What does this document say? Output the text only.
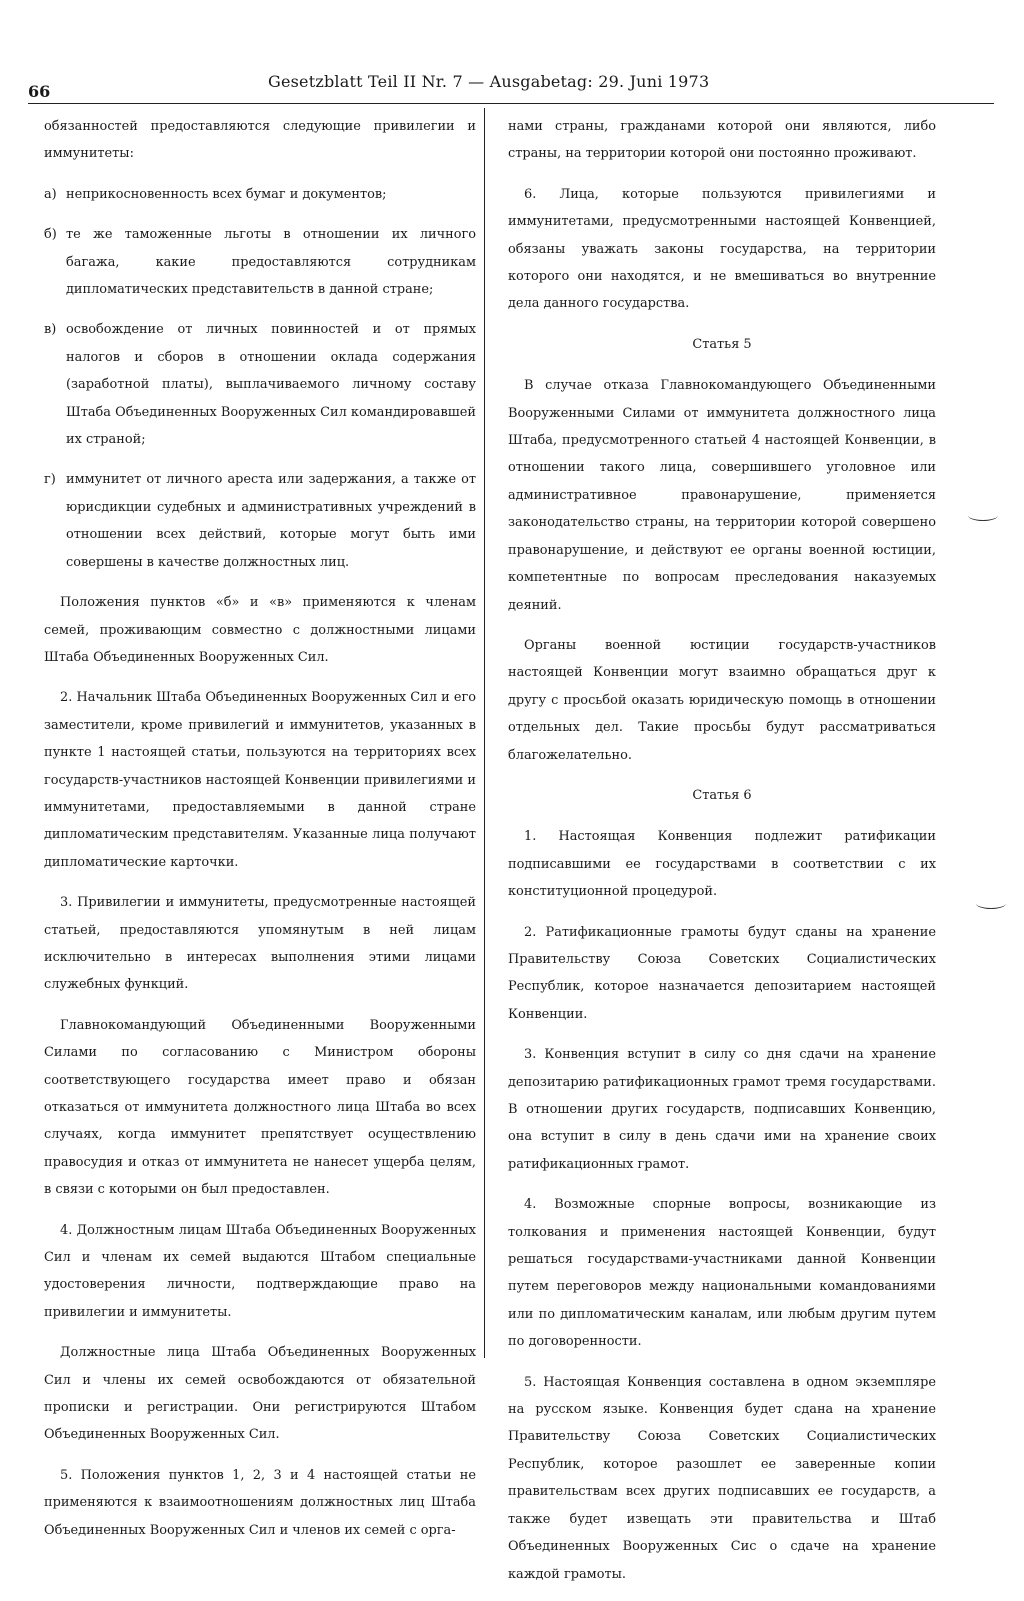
66
Gesetzblatt Teil II Nr. 7 — Ausgabetag: 29. Juni 1973

обязанностей предоставляются следующие привилегии и иммунитеты:

а) неприкосновенность всех бумаг и документов;
б) те же таможенные льготы в отношении их личного багажа, какие предоставляются сотрудникам дипломатических представительств в данной стране;
в) освобождение от личных повинностей и от прямых налогов и сборов в отношении оклада содержания (заработной платы), выплачиваемого личному составу Штаба Объединенных Вооруженных Сил командировавшей их страной;
г) иммунитет от личного ареста или задержания, а также от юрисдикции судебных и административных учреждений в отношении всех действий, которые могут быть ими совершены в качестве должностных лиц.

Положения пунктов «б» и «в» применяются к членам семей, проживающим совместно с должностными лицами Штаба Объединенных Вооруженных Сил.

2. Начальник Штаба Объединенных Вооруженных Сил и его заместители, кроме привилегий и иммунитетов, указанных в пункте 1 настоящей статьи, пользуются на территориях всех государств-участников настоящей Конвенции привилегиями и иммунитетами, предоставляемыми в данной стране дипломатическим представителям. Указанные лица получают дипломатические карточки.

3. Привилегии и иммунитеты, предусмотренные настоящей статьей, предоставляются упомянутым в ней лицам исключительно в интересах выполнения этими лицами служебных функций.

Главнокомандующий Объединенными Вооруженными Силами по согласованию с Министром обороны соответствующего государства имеет право и обязан отказаться от иммунитета должностного лица Штаба во всех случаях, когда иммунитет препятствует осуществлению правосудия и отказ от иммунитета не нанесет ущерба целям, в связи с которыми он был предоставлен.

4. Должностным лицам Штаба Объединенных Вооруженных Сил и членам их семей выдаются Штабом специальные удостоверения личности, подтверждающие право на привилегии и иммунитеты.

Должностные лица Штаба Объединенных Вооруженных Сил и члены их семей освобождаются от обязательной прописки и регистрации. Они регистрируются Штабом Объединенных Вооруженных Сил.

5. Положения пунктов 1, 2, 3 и 4 настоящей статьи не применяются к взаимоотношениям должностных лиц Штаба Объединенных Вооруженных Сил и членов их семей с орга-

нами страны, гражданами которой они являются, либо страны, на территории которой они постоянно проживают.

6. Лица, которые пользуются привилегиями и иммунитетами, предусмотренными настоящей Конвенцией, обязаны уважать законы государства, на территории которого они находятся, и не вмешиваться во внутренние дела данного государства.

Статья 5

В случае отказа Главнокомандующего Объединенными Вооруженными Силами от иммунитета должностного лица Штаба, предусмотренного статьей 4 настоящей Конвенции, в отношении такого лица, совершившего уголовное или административное правонарушение, применяется законодательство страны, на территории которой совершено правонарушение, и действуют ее органы военной юстиции, компетентные по вопросам преследования наказуемых деяний.

Органы военной юстиции государств-участников настоящей Конвенции могут взаимно обращаться друг к другу с просьбой оказать юридическую помощь в отношении отдельных дел. Такие просьбы будут рассматриваться благожелательно.

Статья 6

1. Настоящая Конвенция подлежит ратификации подписавшими ее государствами в соответствии с их конституционной процедурой.

2. Ратификационные грамоты будут сданы на хранение Правительству Союза Советских Социалистических Республик, которое назначается депозитарием настоящей Конвенции.

3. Конвенция вступит в силу со дня сдачи на хранение депозитарию ратификационных грамот тремя государствами. В отношении других государств, подписавших Конвенцию, она вступит в силу в день сдачи ими на хранение своих ратификационных грамот.

4. Возможные спорные вопросы, возникающие из толкования и применения настоящей Конвенции, будут решаться государствами-участниками данной Конвенции путем переговоров между национальными командованиями или по дипломатическим каналам, или любым другим путем по договоренности.

5. Настоящая Конвенция составлена в одном экземпляре на русском языке. Конвенция будет сдана на хранение Правительству Союза Советских Социалистических Республик, которое разошлет ее заверенные копии правительствам всех других подписавших ее государств, а также будет извещать эти правительства и Штаб Объединенных Вооруженных Сис о сдаче на хранение каждой грамоты.
